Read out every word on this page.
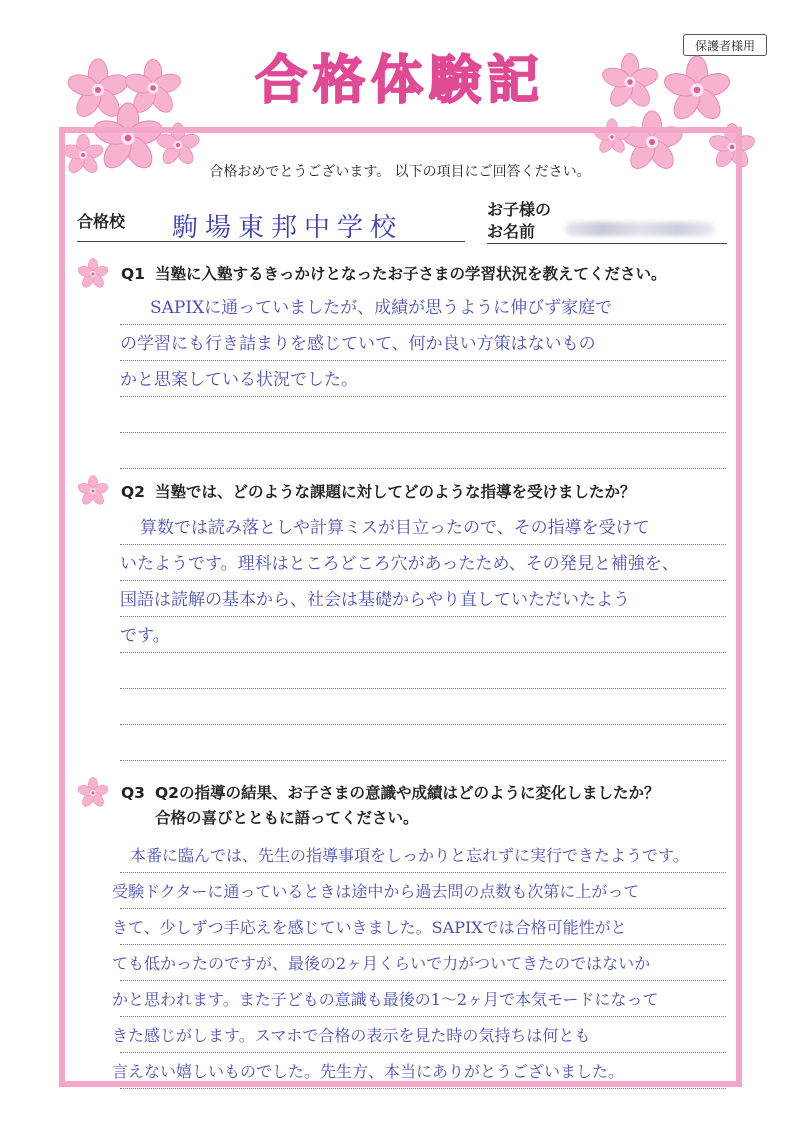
保護者様用
合格体験記
合格おめでとうございます。 以下の項目にご回答ください。
合格校 駒場東邦中学校
お子様の
お名前
Q1 当塾に入塾するきっかけとなったお子さまの学習状況を教えてください。
SAPIXに通っていましたが、成績が思うように伸びず家庭で
の学習にも行き詰まりを感じていて、何か良い方策はないもの
かと思案している状況でした。
Q2 当塾では、どのような課題に対してどのような指導を受けましたか？
算数では読み落としや計算ミスが目立ったので、その指導を受けて
いたようです。理科はところどころ穴があったため、その発見と補強を、
国語は読解の基本から、社会は基礎からやり直していただいたよう
です。
Q3 Q2の指導の結果、お子さまの意識や成績はどのように変化しましたか？
合格の喜びとともに語ってください。
本番に臨んでは、先生の指導事項をしっかりと忘れずに実行できたようです。
受験ドクターに通っているときは途中から過去問の点数も次第に上がって
きて、少しずつ手応えを感じていきました。SAPIXでは合格可能性がと
ても低かったのですが、最後の2ヶ月くらいで力がついてきたのではないか
かと思われます。また子どもの意識も最後の1～2ヶ月で本気モードになって
きた感じがします。スマホで合格の表示を見た時の気持ちは何とも
言えない嬉しいものでした。先生方、本当にありがとうございました。
